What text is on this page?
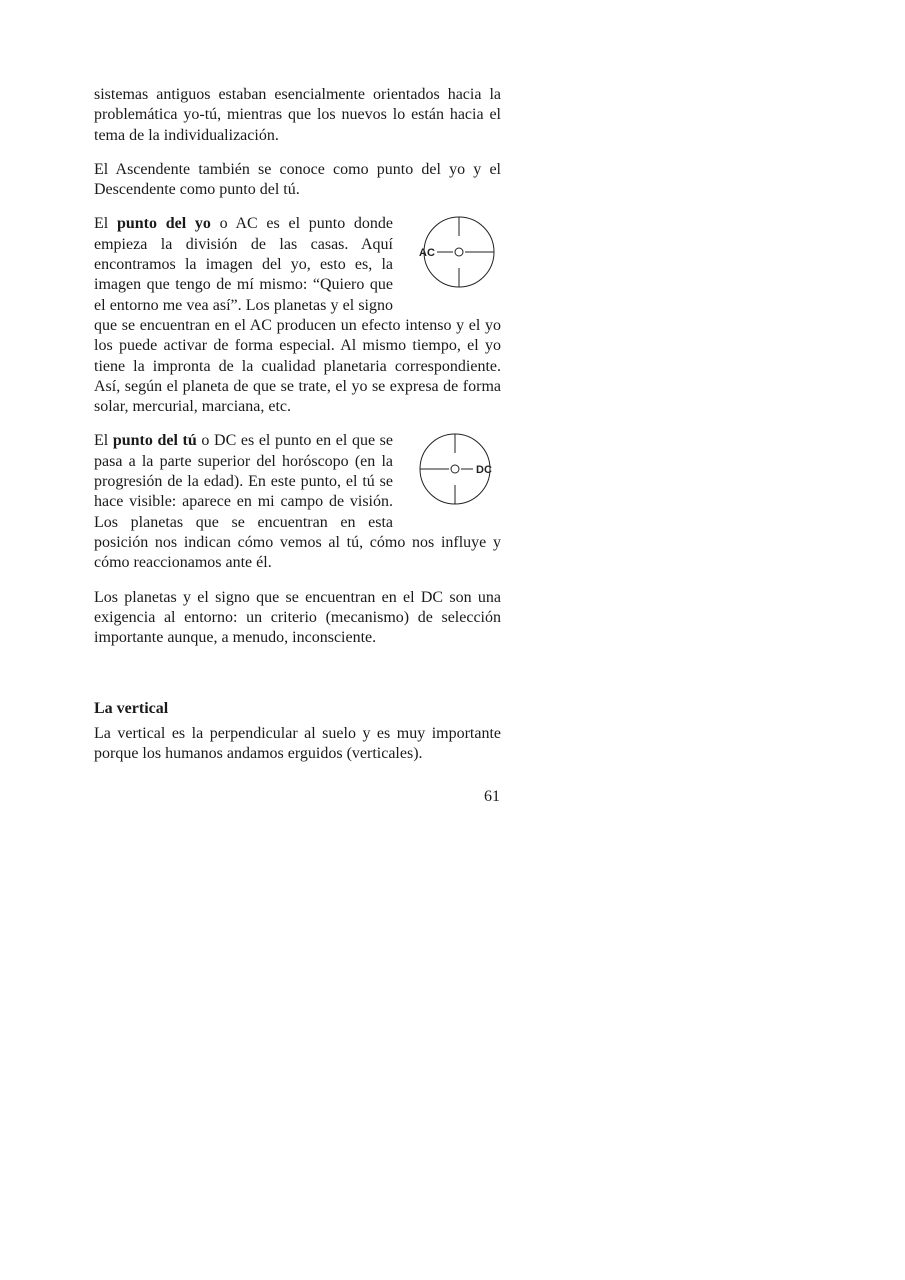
sistemas antiguos estaban esencialmente orientados hacia la problemática yo-tú, mientras que los nuevos lo están hacia el tema de la individualización.

El Ascendente también se conoce como punto del yo y el Descendente como punto del tú.

AC
El punto del yo o AC es el punto donde empieza la división de las casas. Aquí encontramos la imagen del yo, esto es, la imagen que tengo de mí mismo: “Quiero que el entorno me vea así”. Los planetas y el signo que se encuentran en el AC producen un efecto intenso y el yo los puede activar de forma especial. Al mismo tiempo, el yo tiene la impronta de la cualidad planetaria correspondiente. Así, según el planeta de que se trate, el yo se expresa de forma solar, mercurial, marciana, etc.

DC
El punto del tú o DC es el punto en el que se pasa a la parte superior del horóscopo (en la progresión de la edad). En este punto, el tú se hace visible: aparece en mi campo de visión. Los planetas que se encuentran en esta posición nos indican cómo vemos al tú, cómo nos influye y cómo reaccionamos ante él.

Los planetas y el signo que se encuentran en el DC son una exigencia al entorno: un criterio (mecanismo) de selección importante aunque, a menudo, inconsciente.

La vertical

La vertical es la perpendicular al suelo y es muy importante porque los humanos andamos erguidos (verticales).

61
